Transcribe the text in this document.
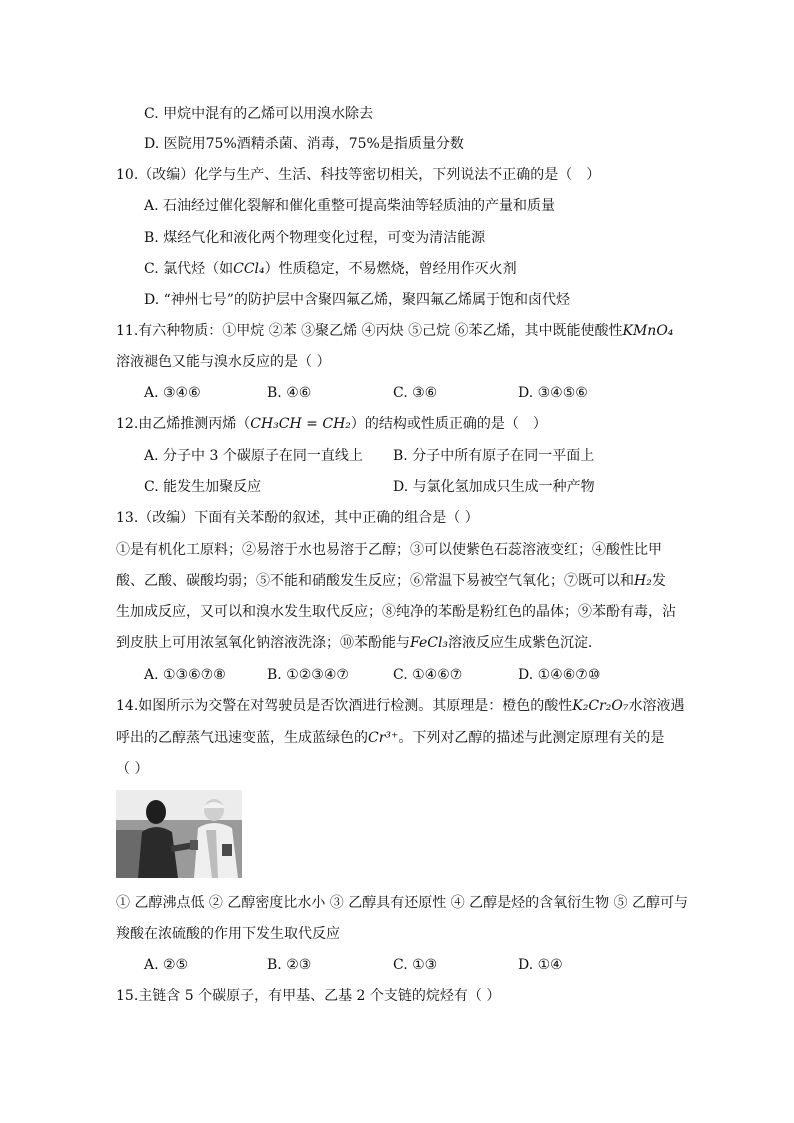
C. 甲烷中混有的乙烯可以用溴水除去
D. 医院用75%酒精杀菌、消毒，75%是指质量分数
10.（改编）化学与生产、生活、科技等密切相关，下列说法不正确的是（　）
A. 石油经过催化裂解和催化重整可提高柴油等轻质油的产量和质量
B. 煤经气化和液化两个物理变化过程，可变为清洁能源
C. 氯代烃（如CCl₄）性质稳定，不易燃烧，曾经用作灭火剂
D. “神州七号”的防护层中含聚四氟乙烯，聚四氟乙烯属于饱和卤代烃
11.有六种物质：①甲烷 ②苯 ③聚乙烯 ④丙炔 ⑤己烷 ⑥苯乙烯，其中既能使酸性KMnO₄
溶液褪色又能与溴水反应的是（ ）
A. ③④⑥	B. ④⑥	C. ③⑥	D. ③④⑤⑥
12.由乙烯推测丙烯（CH₃CH = CH₂）的结构或性质正确的是（　）
A. 分子中 3 个碳原子在同一直线上 B. 分子中所有原子在同一平面上
C. 能发生加聚反应	D. 与氯化氢加成只生成一种产物
13.（改编）下面有关苯酚的叙述，其中正确的组合是（ ）
①是有机化工原料；②易溶于水也易溶于乙醇；③可以使紫色石蕊溶液变红；④酸性比甲
酸、乙酸、碳酸均弱；⑤不能和硝酸发生反应；⑥常温下易被空气氧化；⑦既可以和H₂发
生加成反应，又可以和溴水发生取代反应；⑧纯净的苯酚是粉红色的晶体；⑨苯酚有毒，沾
到皮肤上可用浓氢氧化钠溶液洗涤；⑩苯酚能与FeCl₃溶液反应生成紫色沉淀．
A. ①③⑥⑦⑧	B. ①②③④⑦	C. ①④⑥⑦	D. ①④⑥⑦⑩
14.如图所示为交警在对驾驶员是否饮酒进行检测。其原理是：橙色的酸性K₂Cr₂O₇水溶液遇
呼出的乙醇蒸气迅速变蓝，生成蓝绿色的Cr³⁺。下列对乙醇的描述与此测定原理有关的是
（ ）
① 乙醇沸点低 ② 乙醇密度比水小 ③ 乙醇具有还原性 ④ 乙醇是烃的含氧衍生物 ⑤ 乙醇可与
羧酸在浓硫酸的作用下发生取代反应
A. ②⑤	B. ②③	C. ①③	D. ①④
15.主链含 5 个碳原子，有甲基、乙基 2 个支链的烷烃有（ ）
